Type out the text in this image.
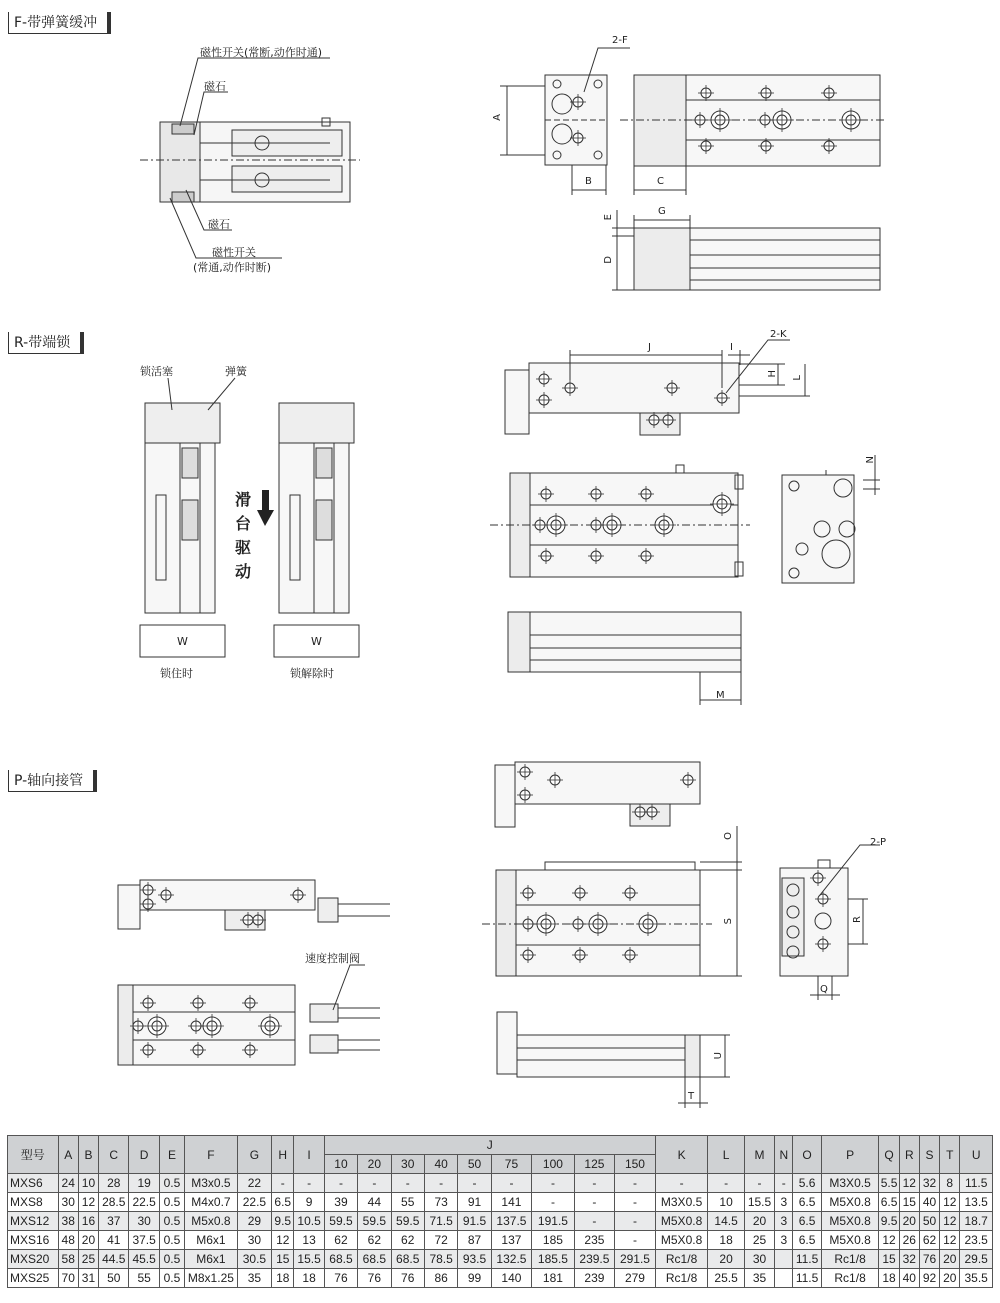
F-带弹簧缓冲
R-带端锁
P-轴向接管
磁性开关(常断,动作时通)
磁石
磁石
磁性开关
(常通,动作时断)
A
B	C
G
E
D
2-F
锁活塞	弹簧
W	W
锁住时	锁解除时
滑
台
驱
动
J	I
2-K
H
L
N
M
速度控制阀
O
S
2-P
R
Q
U
T
型号	A	B	C	D	E	F	G	H	I	J									K	L	M	N	O	P	Q	R	S	T	U
										10	20	30	40	50	75	100	125	150											
MXS6	24	10	28	19	0.5	M3x0.5	22	-	-	-	-	-	-	-	-	-	-	-	-	-	-	-	5.6	M3X0.5	5.5	12	32	8	11.5
MXS8	30	12	28.5	22.5	0.5	M4x0.7	22.5	6.5	9	39	44	55	73	91	141	-	-	-	M3X0.5	10	15.5	3	6.5	M5X0.8	6.5	15	40	12	13.5
MXS12	38	16	37	30	0.5	M5x0.8	29	9.5	10.5	59.5	59.5	59.5	71.5	91.5	137.5	191.5	-	-	M5X0.8	14.5	20	3	6.5	M5X0.8	9.5	20	50	12	18.7
MXS16	48	20	41	37.5	0.5	M6x1	30	12	13	62	62	62	72	87	137	185	235	-	M5X0.8	18	25	3	6.5	M5X0.8	12	26	62	12	23.5
MXS20	58	25	44.5	45.5	0.5	M6x1	30.5	15	15.5	68.5	68.5	68.5	78.5	93.5	132.5	185.5	239.5	291.5	Rc1/8	20	30		11.5	Rc1/8	15	32	76	20	29.5
MXS25	70	31	50	55	0.5	M8x1.25	35	18	18	76	76	76	86	99	140	181	239	279	Rc1/8	25.5	35		11.5	Rc1/8	18	40	92	20	35.5
